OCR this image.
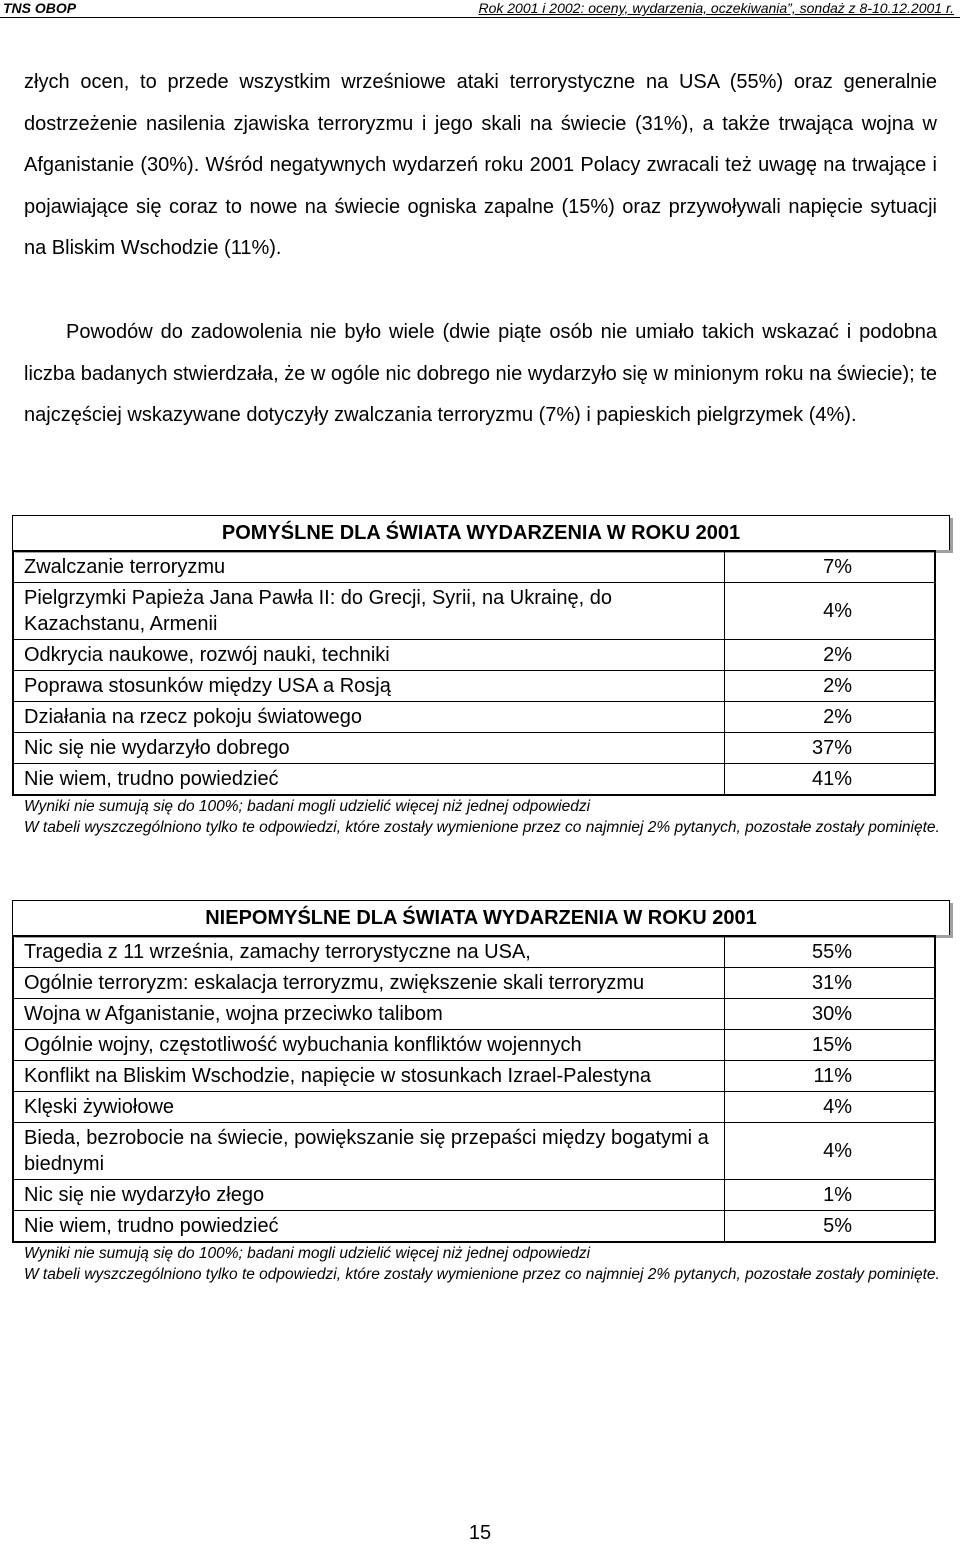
TNS OBOP	Rok 2001 i 2002: oceny, wydarzenia, oczekiwania”, sondaż z 8-10.12.2001 r.

złych ocen, to przede wszystkim wrześniowe ataki terrorystyczne na USA (55%) oraz generalnie dostrzeżenie nasilenia zjawiska terroryzmu i jego skali na świecie (31%), a także trwająca wojna w Afganistanie (30%). Wśród negatywnych wydarzeń roku 2001 Polacy zwracali też uwagę na trwające i pojawiające się coraz to nowe na świecie ogniska zapalne (15%) oraz przywoływali napięcie sytuacji na Bliskim Wschodzie (11%).

Powodów do zadowolenia nie było wiele (dwie piąte osób nie umiało takich wskazać i podobna liczba badanych stwierdzała, że w ogóle nic dobrego nie wydarzyło się w minionym roku na świecie); te najczęściej wskazywane dotyczyły zwalczania terroryzmu (7%) i papieskich pielgrzymek (4%).

POMYŚLNE DLA ŚWIATA WYDARZENIA W ROKU 2001
Zwalczanie terroryzmu	7%
Pielgrzymki Papieża Jana Pawła II: do Grecji, Syrii, na Ukrainę, do Kazachstanu, Armenii	4%
Odkrycia naukowe, rozwój nauki, techniki	2%
Poprawa stosunków między USA a Rosją	2%
Działania na rzecz pokoju światowego	2%
Nic się nie wydarzyło dobrego	37%
Nie wiem, trudno powiedzieć	41%
Wyniki nie sumują się do 100%; badani mogli udzielić więcej niż jednej odpowiedzi
W tabeli wyszczególniono tylko te odpowiedzi, które zostały wymienione przez co najmniej 2% pytanych, pozostałe zostały pominięte.
NIEPOMYŚLNE DLA ŚWIATA WYDARZENIA W ROKU 2001
Tragedia z 11 września, zamachy terrorystyczne na USA,	55%
Ogólnie terroryzm: eskalacja terroryzmu, zwiększenie skali terroryzmu	31%
Wojna w Afganistanie, wojna przeciwko talibom	30%
Ogólnie wojny, częstotliwość wybuchania konfliktów wojennych	15%
Konflikt na Bliskim Wschodzie, napięcie w stosunkach Izrael-Palestyna	11%
Klęski żywiołowe	4%
Bieda, bezrobocie na świecie, powiększanie się przepaści między bogatymi a biednymi	4%
Nic się nie wydarzyło złego	1%
Nie wiem, trudno powiedzieć	5%
Wyniki nie sumują się do 100%; badani mogli udzielić więcej niż jednej odpowiedzi
W tabeli wyszczególniono tylko te odpowiedzi, które zostały wymienione przez co najmniej 2% pytanych, pozostałe zostały pominięte.
15
